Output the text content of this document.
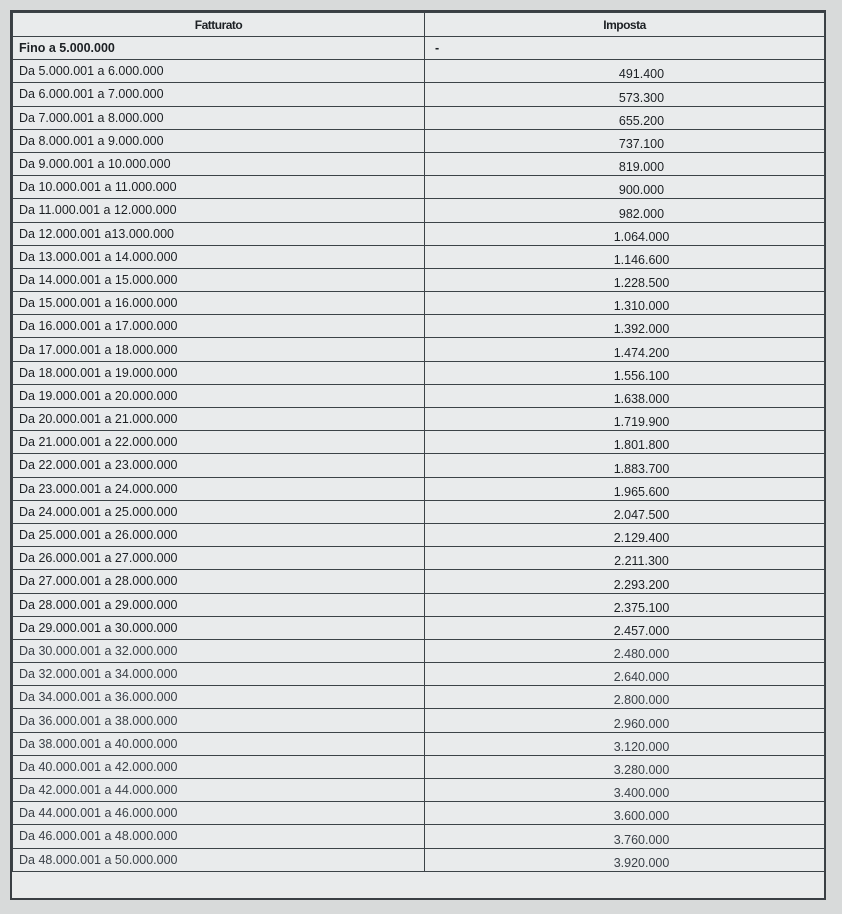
Fatturato	Imposta
Fino a 5.000.000	-
Da 5.000.001 a 6.000.000	491.400
Da 6.000.001 a 7.000.000	573.300
Da 7.000.001 a 8.000.000	655.200
Da 8.000.001 a 9.000.000	737.100
Da 9.000.001 a 10.000.000	819.000
Da 10.000.001 a 11.000.000	900.000
Da 11.000.001 a 12.000.000	982.000
Da 12.000.001 a13.000.000	1.064.000
Da 13.000.001 a 14.000.000	1.146.600
Da 14.000.001 a 15.000.000	1.228.500
Da 15.000.001 a 16.000.000	1.310.000
Da 16.000.001 a 17.000.000	1.392.000
Da 17.000.001 a 18.000.000	1.474.200
Da 18.000.001 a 19.000.000	1.556.100
Da 19.000.001 a 20.000.000	1.638.000
Da 20.000.001 a 21.000.000	1.719.900
Da 21.000.001 a 22.000.000	1.801.800
Da 22.000.001 a 23.000.000	1.883.700
Da 23.000.001 a 24.000.000	1.965.600
Da 24.000.001 a 25.000.000	2.047.500
Da 25.000.001 a 26.000.000	2.129.400
Da 26.000.001 a 27.000.000	2.211.300
Da 27.000.001 a 28.000.000	2.293.200
Da 28.000.001 a 29.000.000	2.375.100
Da 29.000.001 a 30.000.000	2.457.000
Da 30.000.001 a 32.000.000	2.480.000
Da 32.000.001 a 34.000.000	2.640.000
Da 34.000.001 a 36.000.000	2.800.000
Da 36.000.001 a 38.000.000	2.960.000
Da 38.000.001 a 40.000.000	3.120.000
Da 40.000.001 a 42.000.000	3.280.000
Da 42.000.001 a 44.000.000	3.400.000
Da 44.000.001 a 46.000.000	3.600.000
Da 46.000.001 a 48.000.000	3.760.000
Da 48.000.001 a 50.000.000	3.920.000
